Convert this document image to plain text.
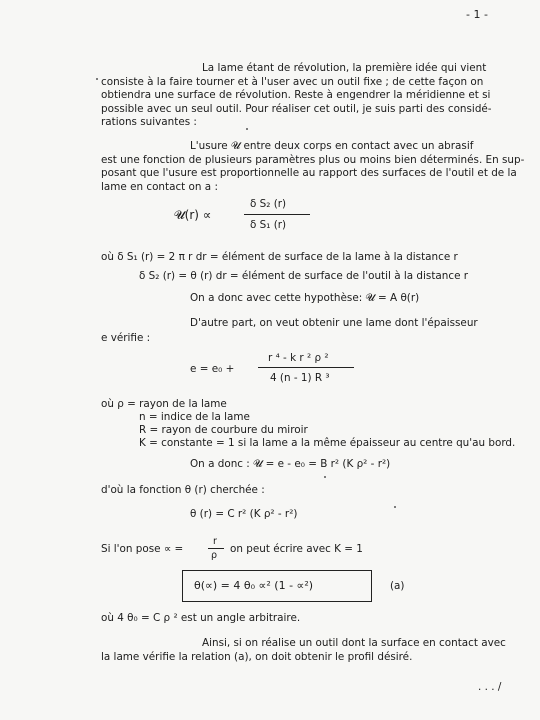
- 1 -
La lame étant de révolution, la première idée qui vient
consiste à la faire tourner et à l'user avec un outil fixe ; de cette façon on
obtiendra une surface de révolution. Reste à engendrer la méridienne et si
possible avec un seul outil. Pour réaliser cet outil, je suis parti des considé-
rations suivantes :
L'usure 𝓤 entre deux corps en contact avec un abrasif
est une fonction de plusieurs paramètres plus ou moins bien déterminés. En sup-
posant que l'usure est proportionnelle au rapport des surfaces de l'outil et de la
lame en contact on a :
𝓤(r) ∝
δ S₂ (r)
δ S₁ (r)
où δ S₁ (r) = 2 π r dr = élément de surface de la lame à la distance r
δ S₂ (r) = θ (r) dr = élément de surface de l'outil à la distance r
On a donc avec cette hypothèse: 𝓤 = A θ(r)
D'autre part, on veut obtenir une lame dont l'épaisseur
e vérifie :
e = e₀ +
r ⁴ - k r ² ρ ²
4 (n - 1) R ³
où ρ = rayon de la lame
n = indice de la lame
R = rayon de courbure du miroir
K = constante = 1 si la lame a la même épaisseur au centre qu'au bord.
On a donc : 𝓤 = e - e₀ = B r² (K ρ² - r²)
d'où la fonction θ (r) cherchée :
θ (r) = C r² (K ρ² - r²)
Si l'on pose ∝ =
r
ρ
on peut écrire avec K = 1
θ(∝) = 4 θ₀ ∝² (1 - ∝²)	(a)
où 4 θ₀ = C ρ ² est un angle arbitraire.
Ainsi, si on réalise un outil dont la surface en contact avec
la lame vérifie la relation (a), on doit obtenir le profil désiré.
. . . /
